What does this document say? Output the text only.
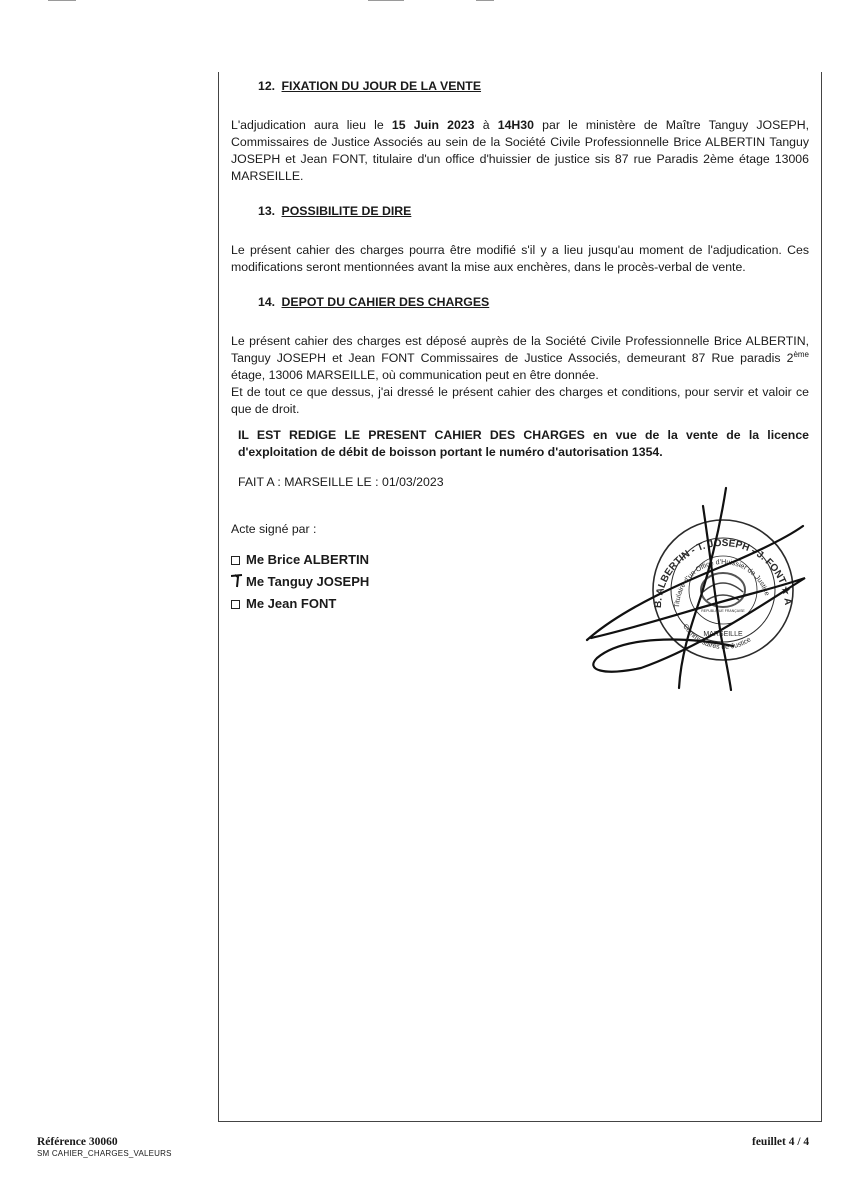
12. FIXATION DU JOUR DE LA VENTE

L'adjudication aura lieu le 15 Juin 2023 à 14H30 par le ministère de Maître Tanguy JOSEPH, Commissaires de Justice Associés au sein de la Société Civile Professionnelle Brice ALBERTIN Tanguy JOSEPH et Jean FONT, titulaire d'un office d'huissier de justice sis 87 rue Paradis 2ème étage 13006 MARSEILLE.

13. POSSIBILITE DE DIRE

Le présent cahier des charges pourra être modifié s'il y a lieu jusqu'au moment de l'adjudication. Ces modifications seront mentionnées avant la mise aux enchères, dans le procès-verbal de vente.

14. DEPOT DU CAHIER DES CHARGES

Le présent cahier des charges est déposé auprès de la Société Civile Professionnelle Brice ALBERTIN, Tanguy JOSEPH et Jean FONT Commissaires de Justice Associés, demeurant 87 Rue paradis 2ème étage, 13006 MARSEILLE, où communication peut en être donnée.

Et de tout ce que dessus, j'ai dressé le présent cahier des charges et conditions, pour servir et valoir ce que de droit.

IL EST REDIGE LE PRESENT CAHIER DES CHARGES en vue de la vente de la licence d'exploitation de débit de boisson portant le numéro d'autorisation 1354.

FAIT A : MARSEILLE LE : 01/03/2023
Acte signé par :
Me Brice ALBERTIN
Me Tanguy JOSEPH
Me Jean FONT	B. ALBERTIN - T. JOSEPH - J. FONT ★ A
Titulaire d'un Office d'Huissier de Justice
Commissaires de Justice
MARSEILLE
REPUBLIQUE FRANÇAISE
Référence 30060
SM CAHIER_CHARGES_VALEURS
feuillet 4 / 4
